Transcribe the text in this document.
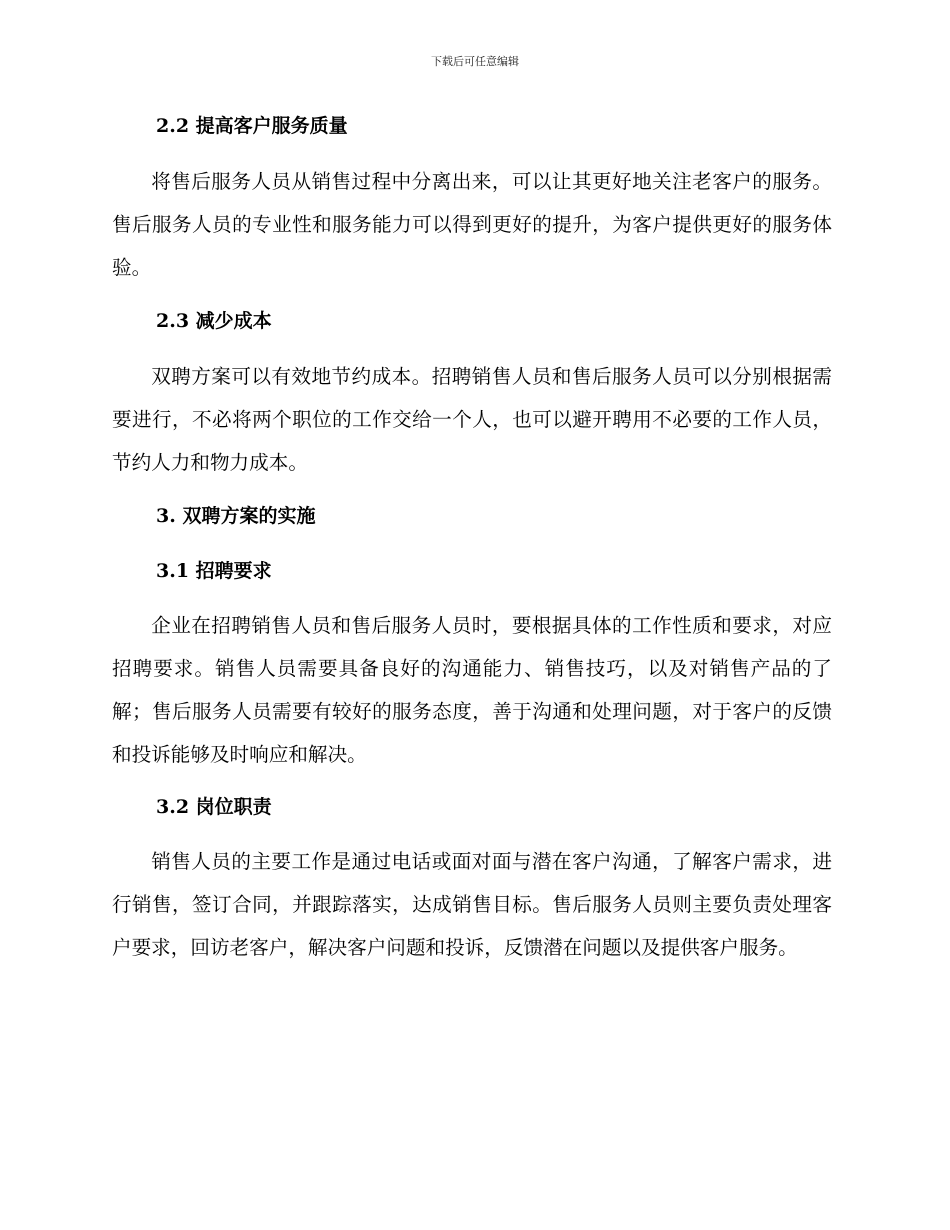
下载后可任意编辑
2.2 提高客户服务质量

将售后服务人员从销售过程中分离出来，可以让其更好地关注老客户的服务。售后服务人员的专业性和服务能力可以得到更好的提升，为客户提供更好的服务体验。

2.3 减少成本

双聘方案可以有效地节约成本。招聘销售人员和售后服务人员可以分别根据需要进行，不必将两个职位的工作交给一个人，也可以避开聘用不必要的工作人员，节约人力和物力成本。

3. 双聘方案的实施
3.1 招聘要求

企业在招聘销售人员和售后服务人员时，要根据具体的工作性质和要求，对应招聘要求。销售人员需要具备良好的沟通能力、销售技巧，以及对销售产品的了解；售后服务人员需要有较好的服务态度，善于沟通和处理问题，对于客户的反馈和投诉能够及时响应和解决。

3.2 岗位职责

销售人员的主要工作是通过电话或面对面与潜在客户沟通，了解客户需求，进行销售，签订合同，并跟踪落实，达成销售目标。售后服务人员则主要负责处理客户要求，回访老客户，解决客户问题和投诉，反馈潜在问题以及提供客户服务。
